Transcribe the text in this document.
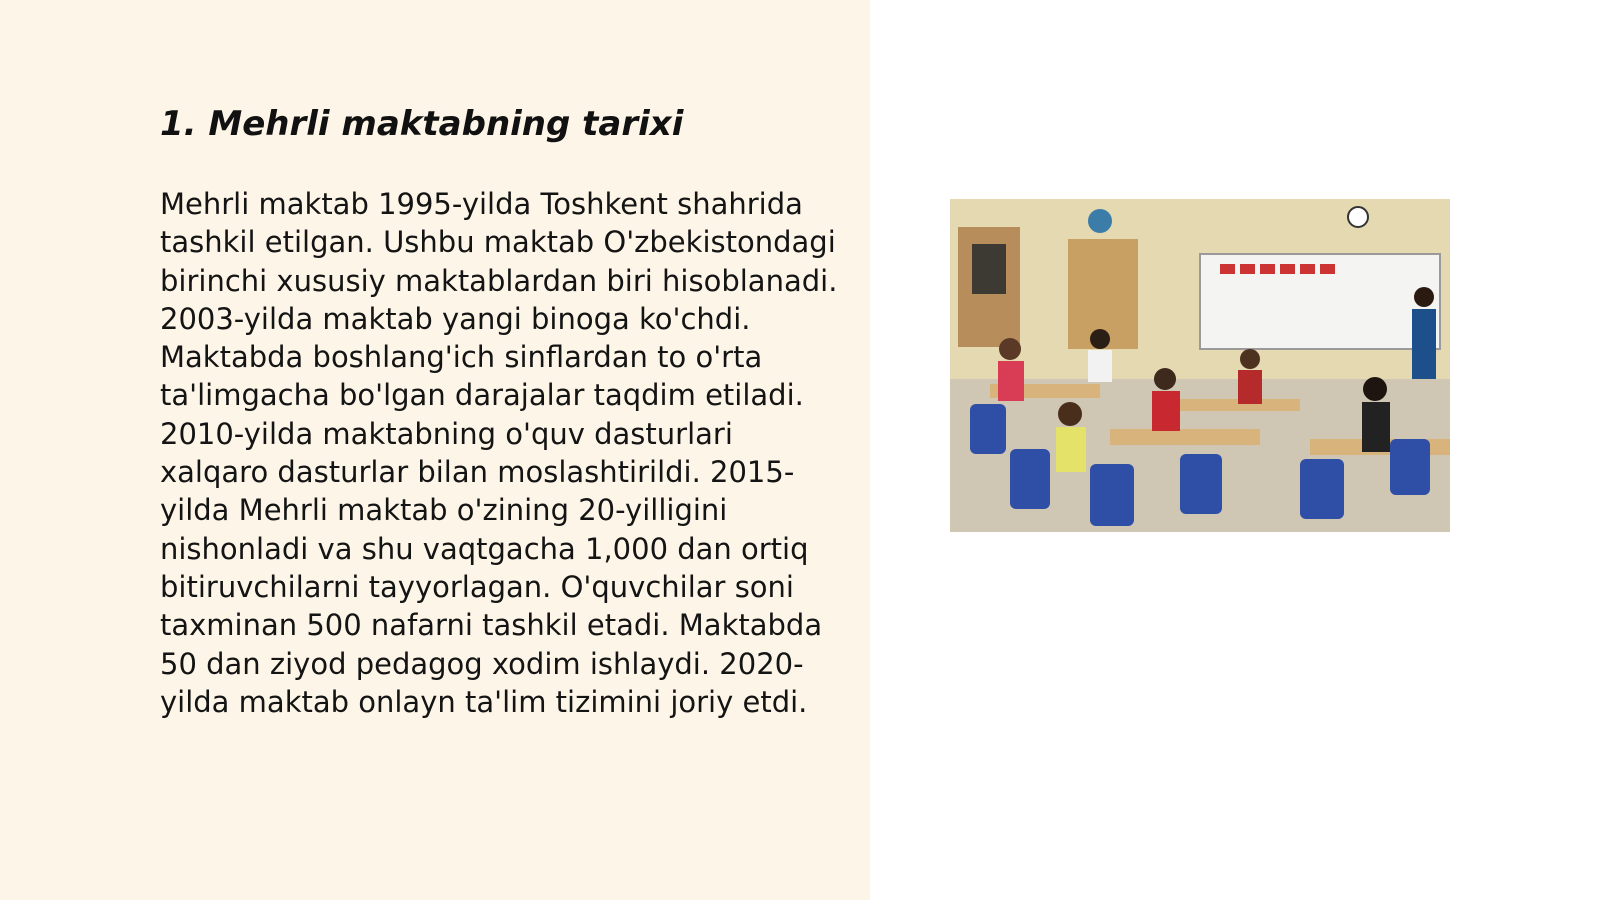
1. Mehrli maktabning tarixi

Mehrli maktab 1995-yilda Toshkent shahrida tashkil etilgan. Ushbu maktab O'zbekistondagi birinchi xususiy maktablardan biri hisoblanadi. 2003-yilda maktab yangi binoga ko'chdi. Maktabda boshlang'ich sinflardan to o'rta ta'limgacha bo'lgan darajalar taqdim etiladi. 2010-yilda maktabning o'quv dasturlari xalqaro dasturlar bilan moslashtirildi. 2015-yilda Mehrli maktab o'zining 20-yilligini nishonladi va shu vaqtgacha 1,000 dan ortiq bitiruvchilarni tayyorlagan. O'quvchilar soni taxminan 500 nafarni tashkil etadi. Maktabda 50 dan ziyod pedagog xodim ishlaydi. 2020-yilda maktab onlayn ta'lim tizimini joriy etdi.
